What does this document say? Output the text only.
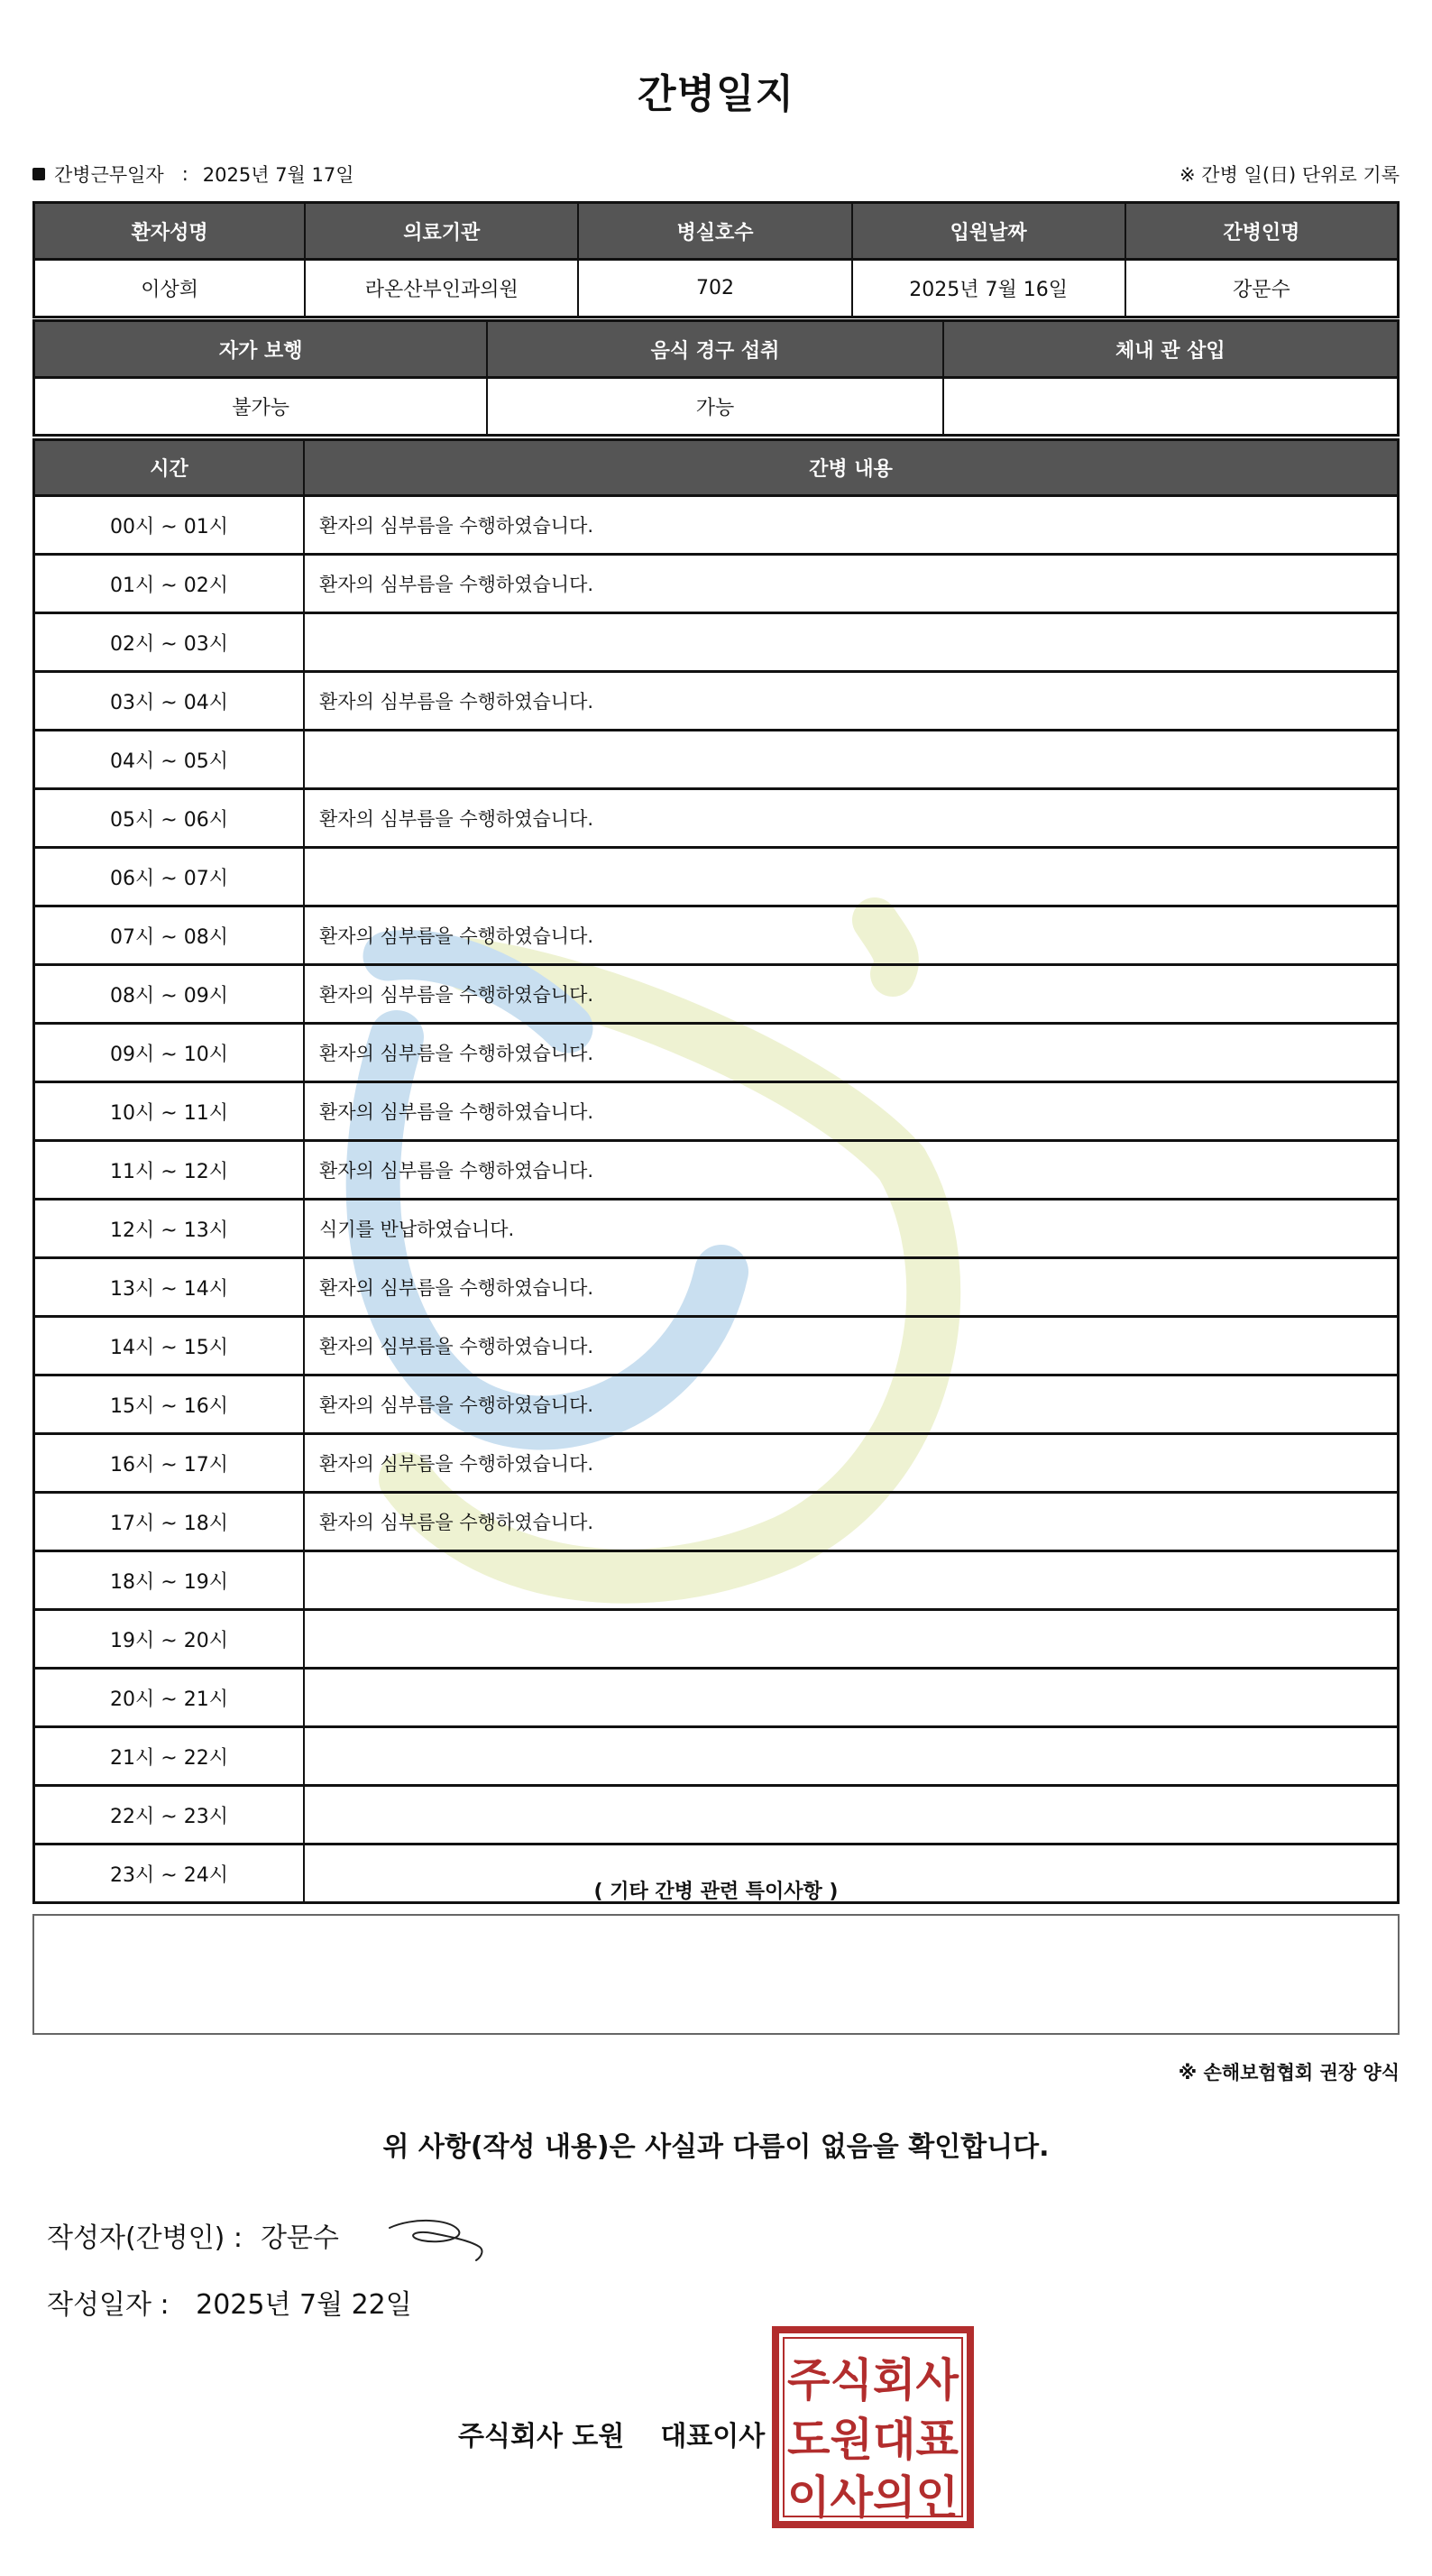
간병일지
간병근무일자 : 2025년 7월 17일	※ 간병 일(日) 단위로 기록
환자성명	의료기관	병실호수	입원날짜	간병인명
이상희	라온산부인과의원	702	2025년 7월 16일	강문수
자가 보행	음식 경구 섭취	체내 관 삽입
불가능	가능	
시간	간병 내용
00시 ~ 01시	환자의 심부름을 수행하였습니다.
01시 ~ 02시	환자의 심부름을 수행하였습니다.
02시 ~ 03시	
03시 ~ 04시	환자의 심부름을 수행하였습니다.
04시 ~ 05시	
05시 ~ 06시	환자의 심부름을 수행하였습니다.
06시 ~ 07시	
07시 ~ 08시	환자의 심부름을 수행하였습니다.
08시 ~ 09시	환자의 심부름을 수행하였습니다.
09시 ~ 10시	환자의 심부름을 수행하였습니다.
10시 ~ 11시	환자의 심부름을 수행하였습니다.
11시 ~ 12시	환자의 심부름을 수행하였습니다.
12시 ~ 13시	식기를 반납하였습니다.
13시 ~ 14시	환자의 심부름을 수행하였습니다.
14시 ~ 15시	환자의 심부름을 수행하였습니다.
15시 ~ 16시	환자의 심부름을 수행하였습니다.
16시 ~ 17시	환자의 심부름을 수행하였습니다.
17시 ~ 18시	환자의 심부름을 수행하였습니다.
18시 ~ 19시	
19시 ~ 20시	
20시 ~ 21시	
21시 ~ 22시	
22시 ~ 23시	
23시 ~ 24시	
( 기타 간병 관련 특이사항 )
※ 손해보험협회 권장 양식
위 사항(작성 내용)은 사실과 다름이 없음을 확인합니다.
작성자(간병인) : 강문수
작성일자 : 2025년 7월 22일
주식회사 도원 대표이사
주식회사
도원대표
이사의인
